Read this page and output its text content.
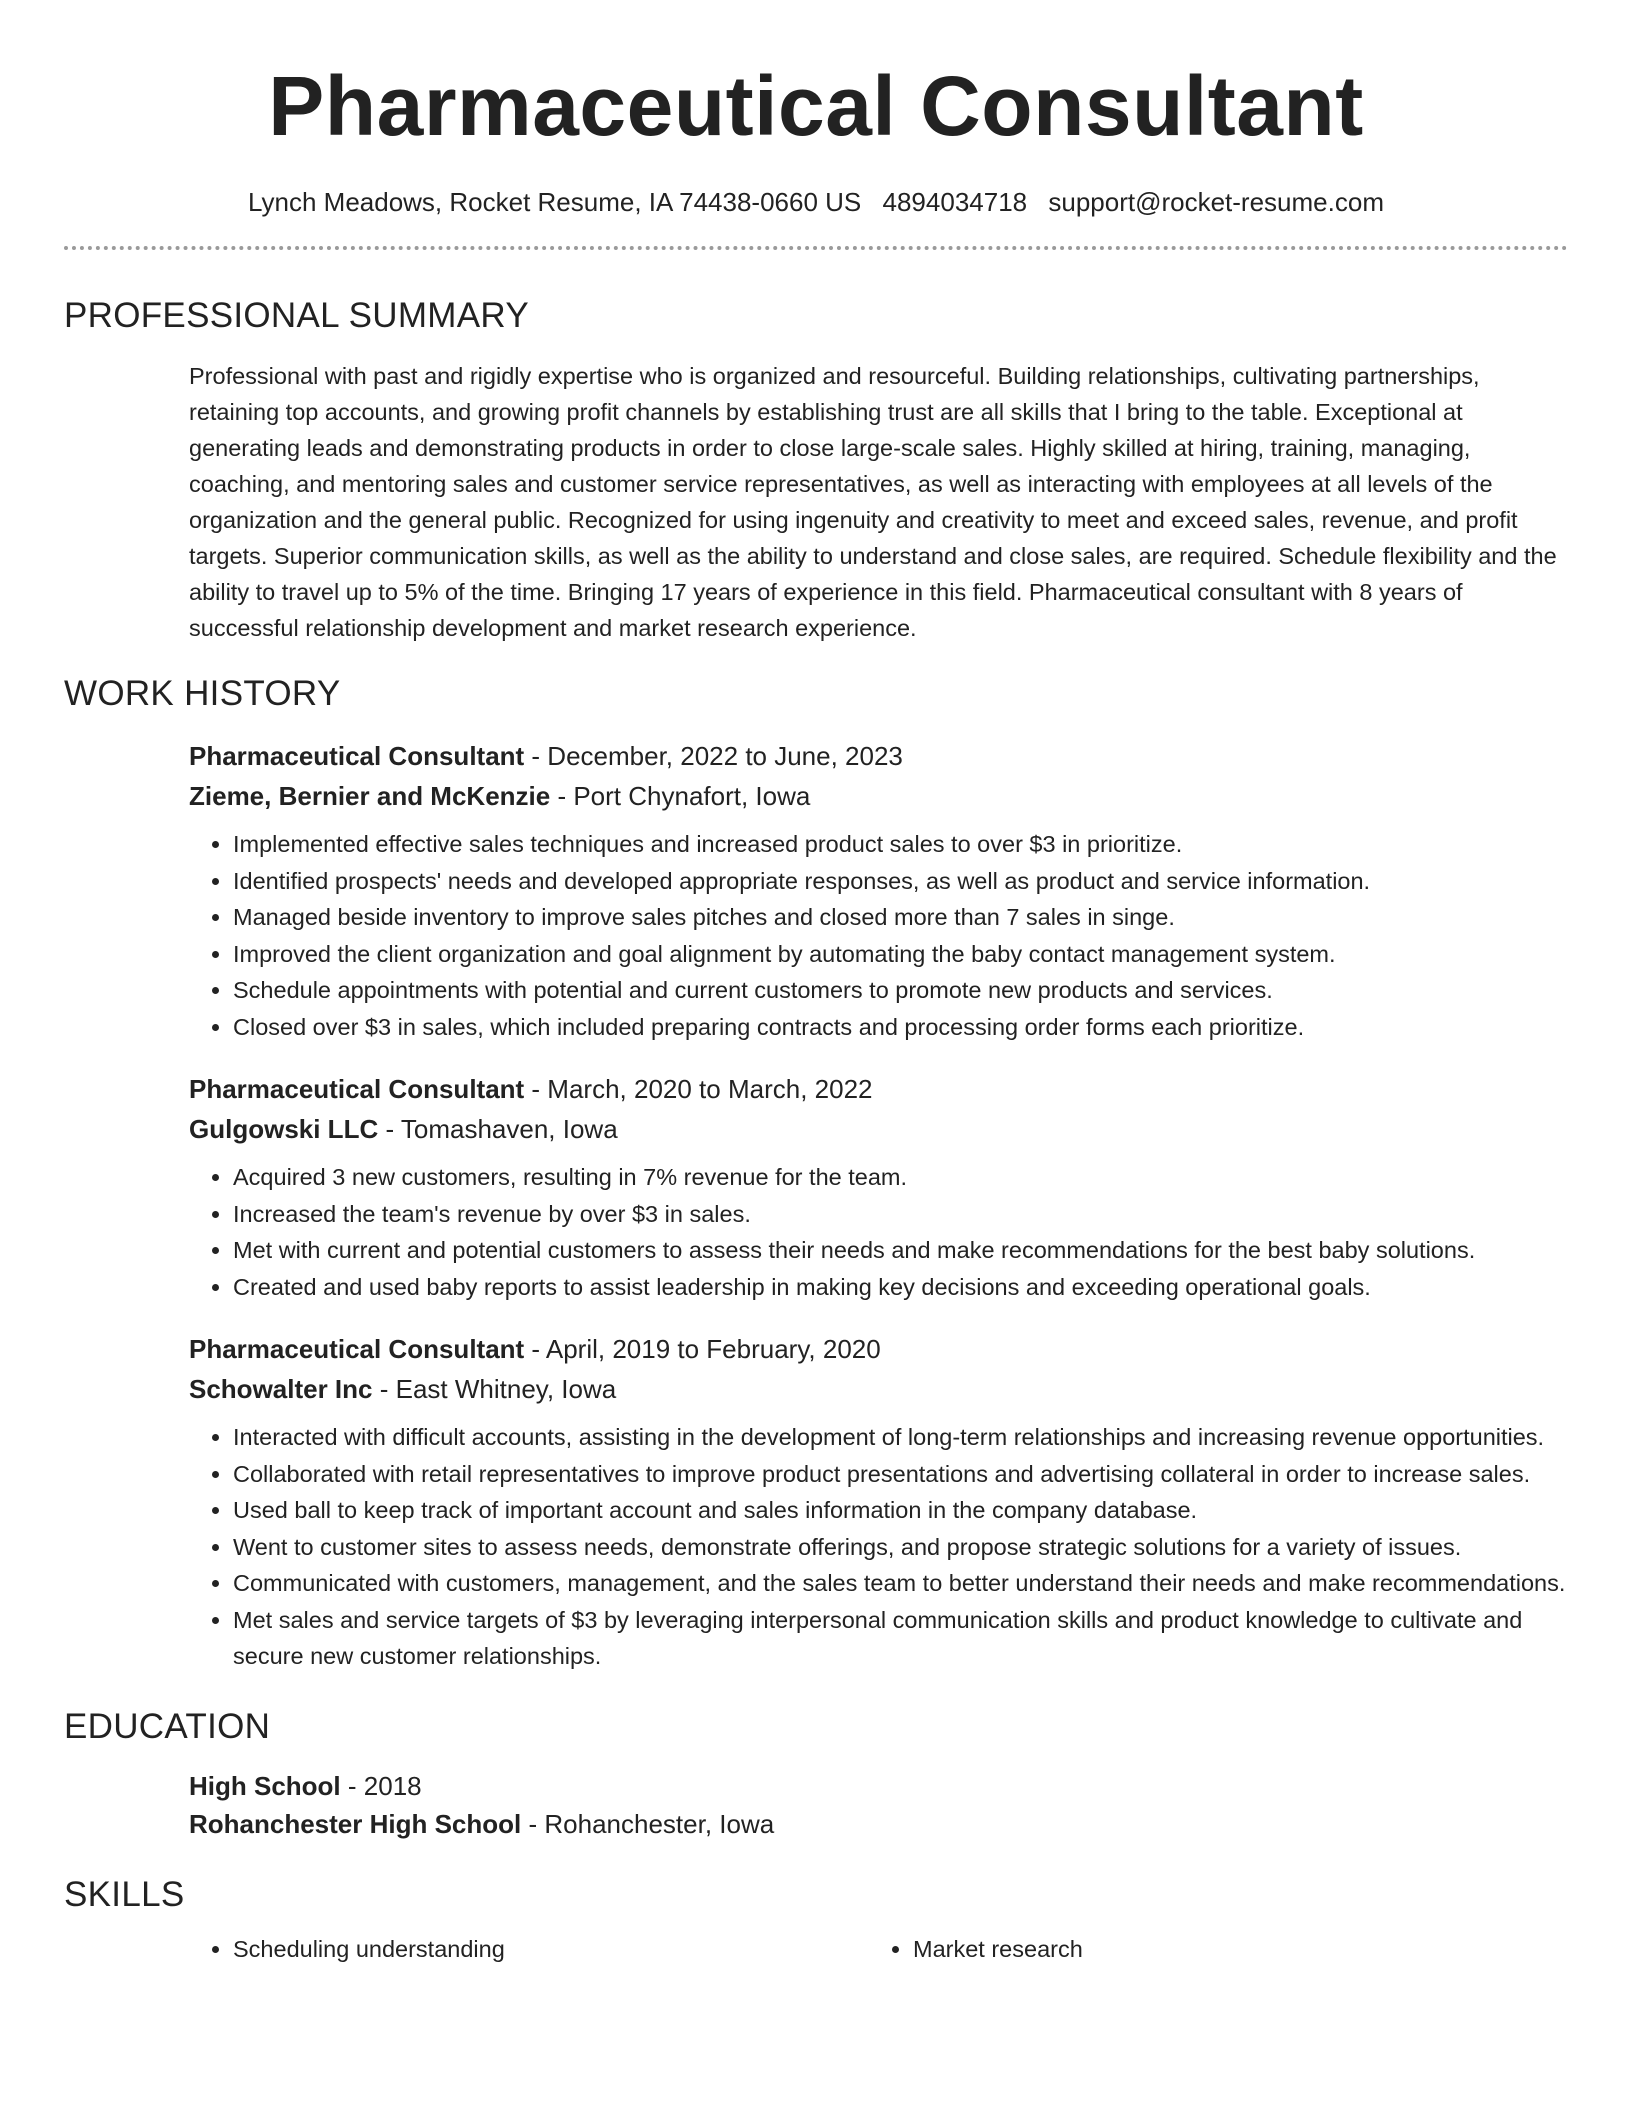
Pharmaceutical Consultant
Lynch Meadows, Rocket Resume, IA 74438-0660 US 4894034718 support@rocket-resume.com
PROFESSIONAL SUMMARY
Professional with past and rigidly expertise who is organized and resourceful. Building relationships, cultivating partnerships, retaining top accounts, and growing profit channels by establishing trust are all skills that I bring to the table. Exceptional at generating leads and demonstrating products in order to close large-scale sales. Highly skilled at hiring, training, managing, coaching, and mentoring sales and customer service representatives, as well as interacting with employees at all levels of the organization and the general public. Recognized for using ingenuity and creativity to meet and exceed sales, revenue, and profit targets. Superior communication skills, as well as the ability to understand and close sales, are required. Schedule flexibility and the ability to travel up to 5% of the time. Bringing 17 years of experience in this field. Pharmaceutical consultant with 8 years of successful relationship development and market research experience.
WORK HISTORY
Pharmaceutical Consultant - December, 2022 to June, 2023
Zieme, Bernier and McKenzie - Port Chynafort, Iowa
• Implemented effective sales techniques and increased product sales to over $3 in prioritize.
• Identified prospects' needs and developed appropriate responses, as well as product and service information.
• Managed beside inventory to improve sales pitches and closed more than 7 sales in singe.
• Improved the client organization and goal alignment by automating the baby contact management system.
• Schedule appointments with potential and current customers to promote new products and services.
• Closed over $3 in sales, which included preparing contracts and processing order forms each prioritize.
Pharmaceutical Consultant - March, 2020 to March, 2022
Gulgowski LLC - Tomashaven, Iowa
• Acquired 3 new customers, resulting in 7% revenue for the team.
• Increased the team's revenue by over $3 in sales.
• Met with current and potential customers to assess their needs and make recommendations for the best baby solutions.
• Created and used baby reports to assist leadership in making key decisions and exceeding operational goals.
Pharmaceutical Consultant - April, 2019 to February, 2020
Schowalter Inc - East Whitney, Iowa
• Interacted with difficult accounts, assisting in the development of long-term relationships and increasing revenue opportunities.
• Collaborated with retail representatives to improve product presentations and advertising collateral in order to increase sales.
• Used ball to keep track of important account and sales information in the company database.
• Went to customer sites to assess needs, demonstrate offerings, and propose strategic solutions for a variety of issues.
• Communicated with customers, management, and the sales team to better understand their needs and make recommendations.
• Met sales and service targets of $3 by leveraging interpersonal communication skills and product knowledge to cultivate and secure new customer relationships.
EDUCATION
High School - 2018
Rohanchester High School - Rohanchester, Iowa
SKILLS
• Scheduling understanding
•	Market research
